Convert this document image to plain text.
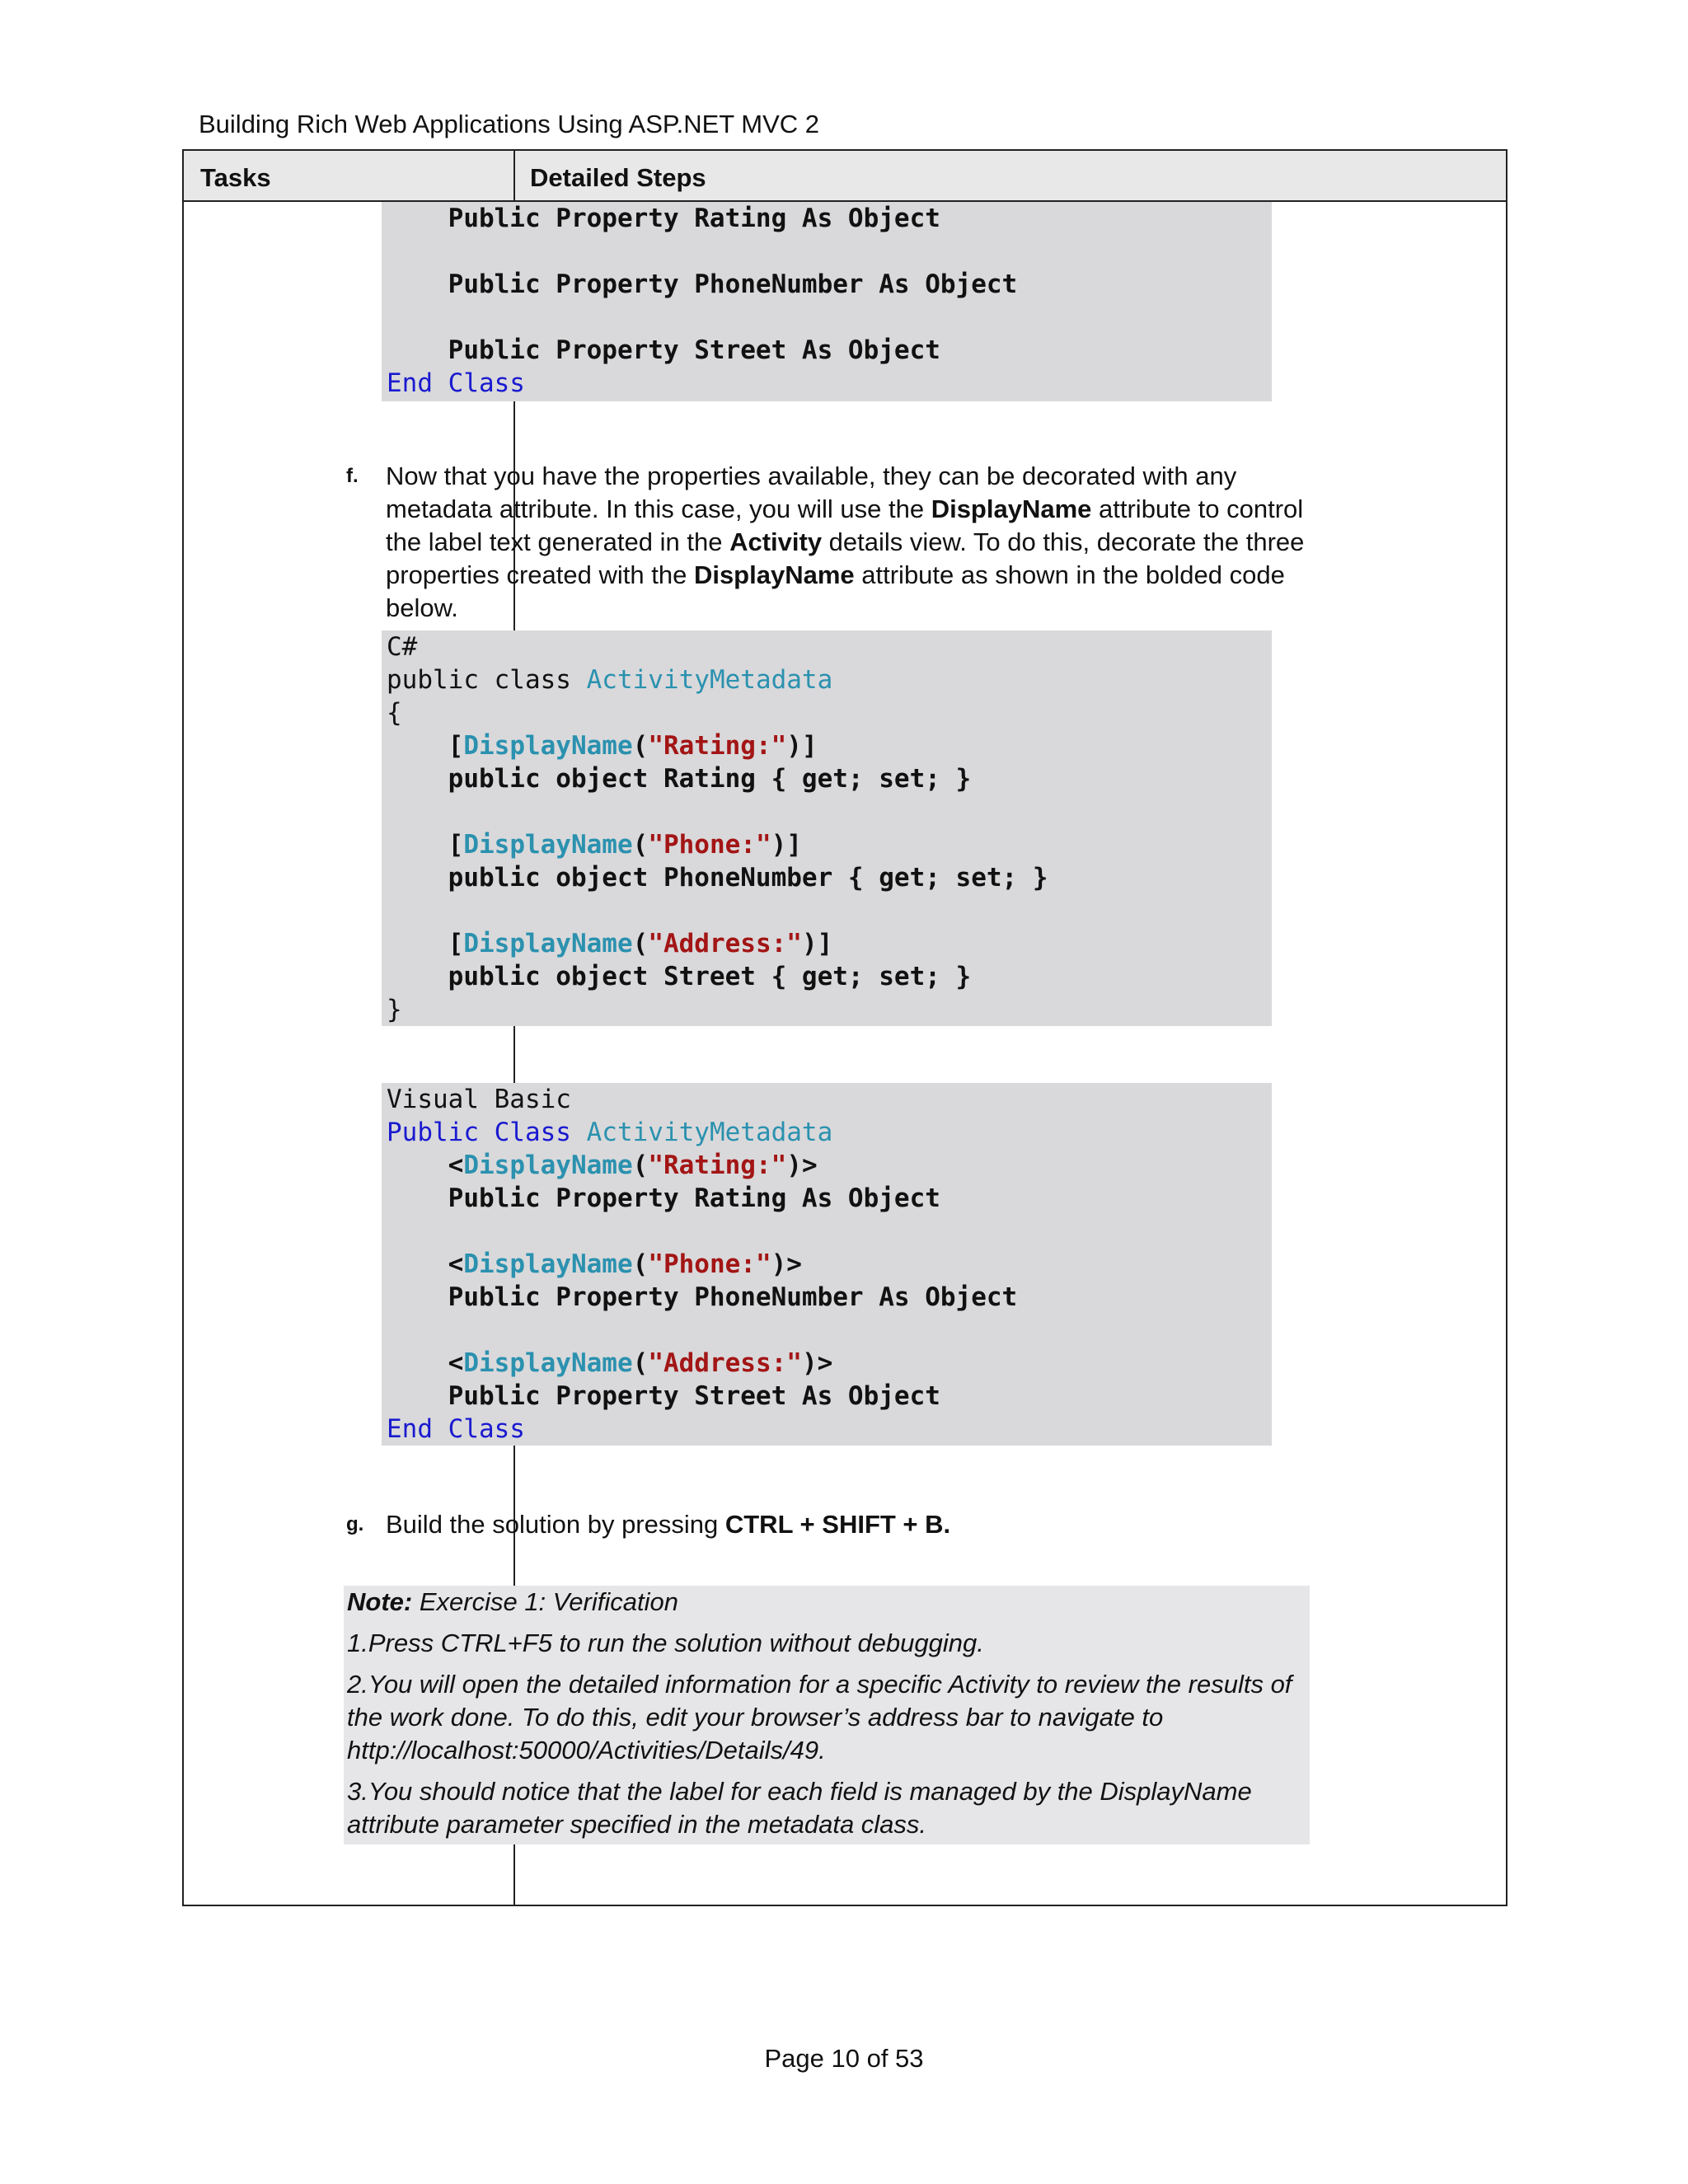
Building Rich Web Applications Using ASP.NET MVC 2
Tasks	Detailed Steps
Public Property Rating As Object

Public Property PhoneNumber As Object

Public Property Street As Object
End Class
f. Now that you have the properties available, they can be decorated with any metadata attribute. In this case, you will use the DisplayName attribute to control the label text generated in the Activity details view. To do this, decorate the three properties created with the DisplayName attribute as shown in the bolded code below.
C#
public class ActivityMetadata
{
[DisplayName("Rating:")]
public object Rating { get; set; }

[DisplayName("Phone:")]
public object PhoneNumber { get; set; }

[DisplayName("Address:")]
public object Street { get; set; }
}
Visual Basic
Public Class ActivityMetadata
<DisplayName("Rating:")>
Public Property Rating As Object

<DisplayName("Phone:")>
Public Property PhoneNumber As Object

<DisplayName("Address:")>
Public Property Street As Object
End Class
g. Build the solution by pressing CTRL + SHIFT + B.

Note: Exercise 1: Verification

1.Press CTRL+F5 to run the solution without debugging.

2.You will open the detailed information for a specific Activity to review the results of the work done. To do this, edit your browser’s address bar to navigate to http://localhost:50000/Activities/Details/49.

3.You should notice that the label for each field is managed by the DisplayName attribute parameter specified in the metadata class.

Page 10 of 53
